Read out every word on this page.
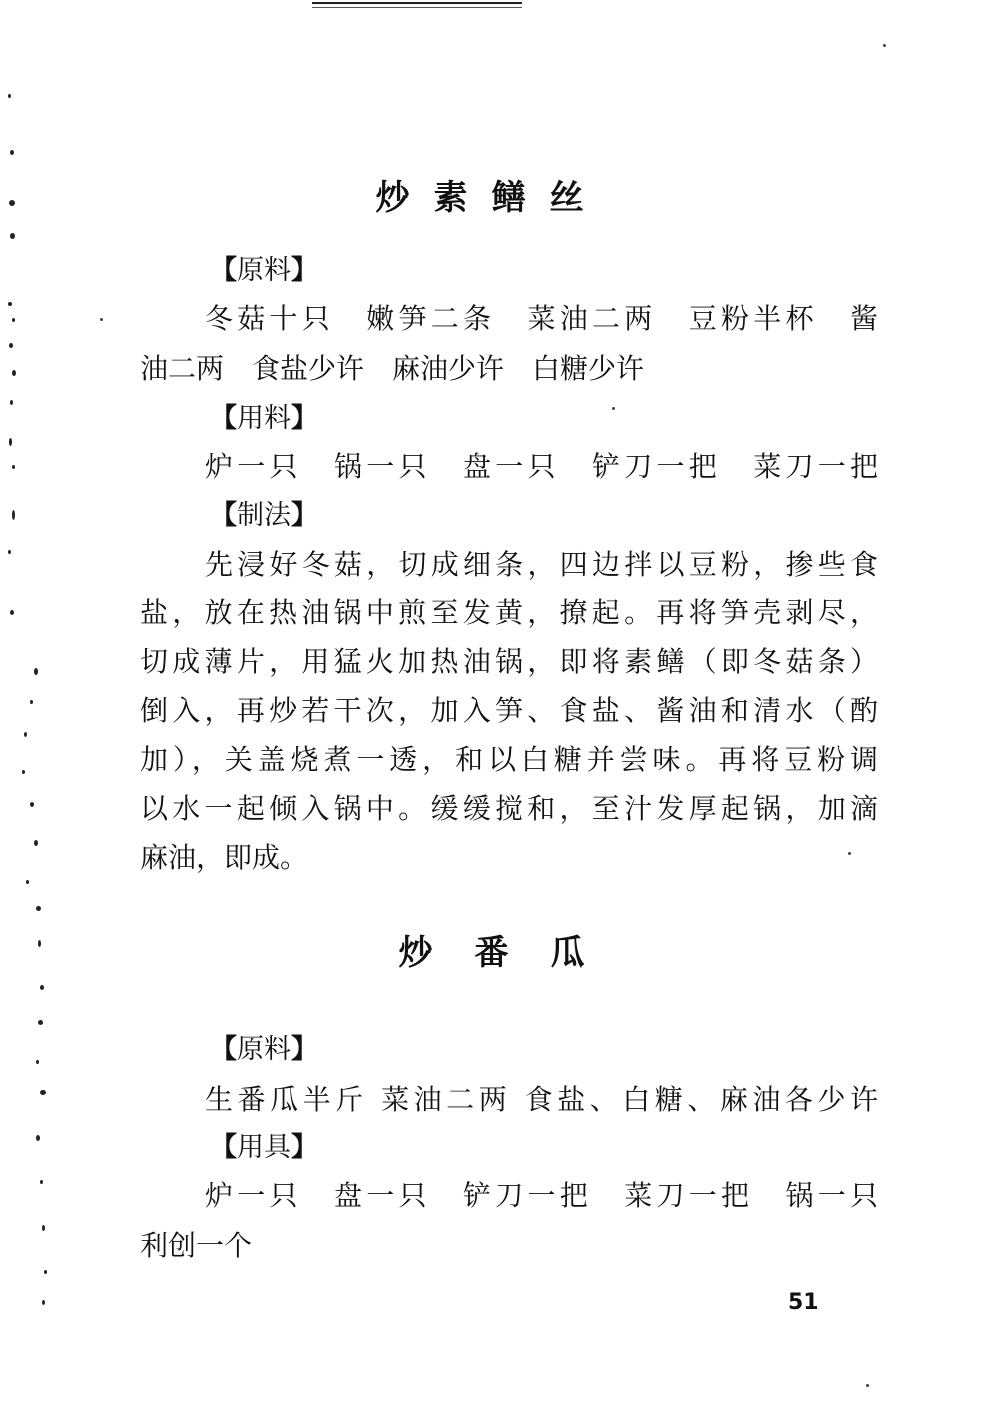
炒素鳝丝
【原料】

冬菇十只　嫩笋二条　菜油二两　豆粉半杯　酱

油二两　食盐少许　麻油少许　白糖少许

【用料】

炉一只　锅一只　盘一只　铲刀一把　菜刀一把

【制法】

先浸好冬菇，切成细条，四边拌以豆粉，掺些食

盐，放在热油锅中煎至发黄，撩起。再将笋壳剥尽，

切成薄片，用猛火加热油锅，即将素鳝（即冬菇条）

倒入，再炒若干次，加入笋、食盐、酱油和清水（酌

加），关盖烧煮一透，和以白糖并尝味。再将豆粉调

以水一起倾入锅中。缓缓搅和，至汁发厚起锅，加滴

麻油，即成。

炒番瓜
【原料】

生番瓜半斤 菜油二两 食盐、白糖、麻油各少许

【用具】

炉一只　盘一只　铲刀一把　菜刀一把　锅一只

利创一个

51
